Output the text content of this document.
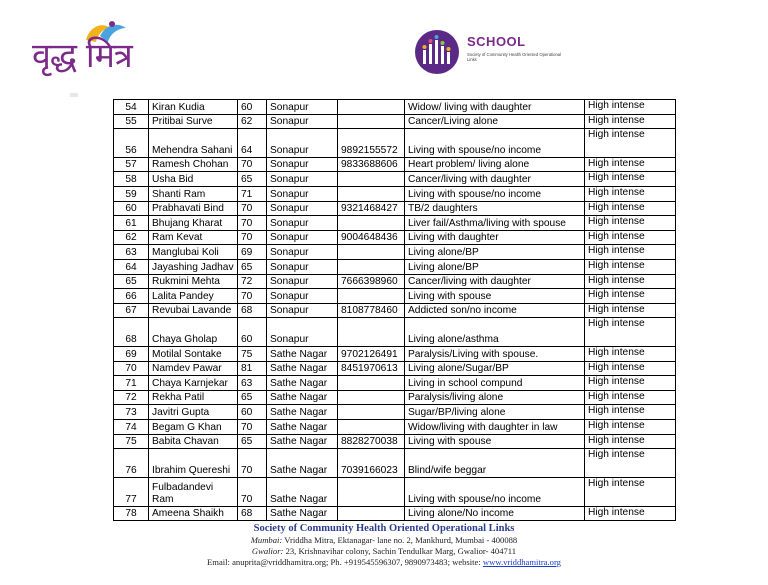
वृद्ध मित्र	SCHOOL
Society of Community Health Oriented Operational Links
54	Kiran Kudia	60	Sonapur		Widow/ living with daughter	High intense

55	Pritibai Surve	62	Sonapur		Cancer/Living alone	High intense

56	Mehendra Sahani	64	Sonapur	9892155572	Living with spouse/no income	High intense

57	Ramesh Chohan	70	Sonapur	9833688606	Heart problem/ living alone	High intense

58	Usha Bid	65	Sonapur		Cancer/living with daughter	High intense

59	Shanti Ram	71	Sonapur		Living with spouse/no income	High intense

60	Prabhavati Bind	70	Sonapur	9321468427	TB/2 daughters	High intense

61	Bhujang Kharat	70	Sonapur		Liver fail/Asthma/living with spouse	High intense

62	Ram Kevat	70	Sonapur	9004648436	Living with daughter	High intense

63	Manglubai Koli	69	Sonapur		Living alone/BP	High intense

64	Jayashing Jadhav	65	Sonapur		Living alone/BP	High intense

65	Rukmini Mehta	72	Sonapur	7666398960	Cancer/living with daughter	High intense

66	Lalita Pandey	70	Sonapur		Living with spouse	High intense

67	Revubai Lavande	68	Sonapur	8108778460	Addicted son/no income	High intense

68	Chaya Gholap	60	Sonapur		Living alone/asthma	High intense

69	Motilal Sontake	75	Sathe Nagar	9702126491	Paralysis/Living with spouse.	High intense

70	Namdev Pawar	81	Sathe Nagar	8451970613	Living alone/Sugar/BP	High intense

71	Chaya Karnjekar	63	Sathe Nagar		Living in school compund	High intense

72	Rekha Patil	65	Sathe Nagar		Paralysis/living alone	High intense

73	Javitri Gupta	60	Sathe Nagar		Sugar/BP/living alone	High intense

74	Begam G Khan	70	Sathe Nagar		Widow/living with daughter in law	High intense

75	Babita Chavan	65	Sathe Nagar	8828270038	Living with spouse	High intense

76	Ibrahim Quereshi	70	Sathe Nagar	7039166023	Blind/wife beggar	High intense

77	Fulbadandevi Ram	70	Sathe Nagar		Living with spouse/no income	High intense

78	Ameena Shaikh	68	Sathe Nagar		Living alone/No income	High intense
Society of Community Health Oriented Operational Links
Mumbai: Vriddha Mitra, Ektanagar- lane no. 2, Mankhurd, Mumbai - 400088
Gwalior: 23, Krishnavihar colony, Sachin Tendulkar Marg, Gwalior- 404711
Email: anuprita@vriddhamitra.org; Ph. +919545596307, 9890973483; website: www.vriddhamitra.org
